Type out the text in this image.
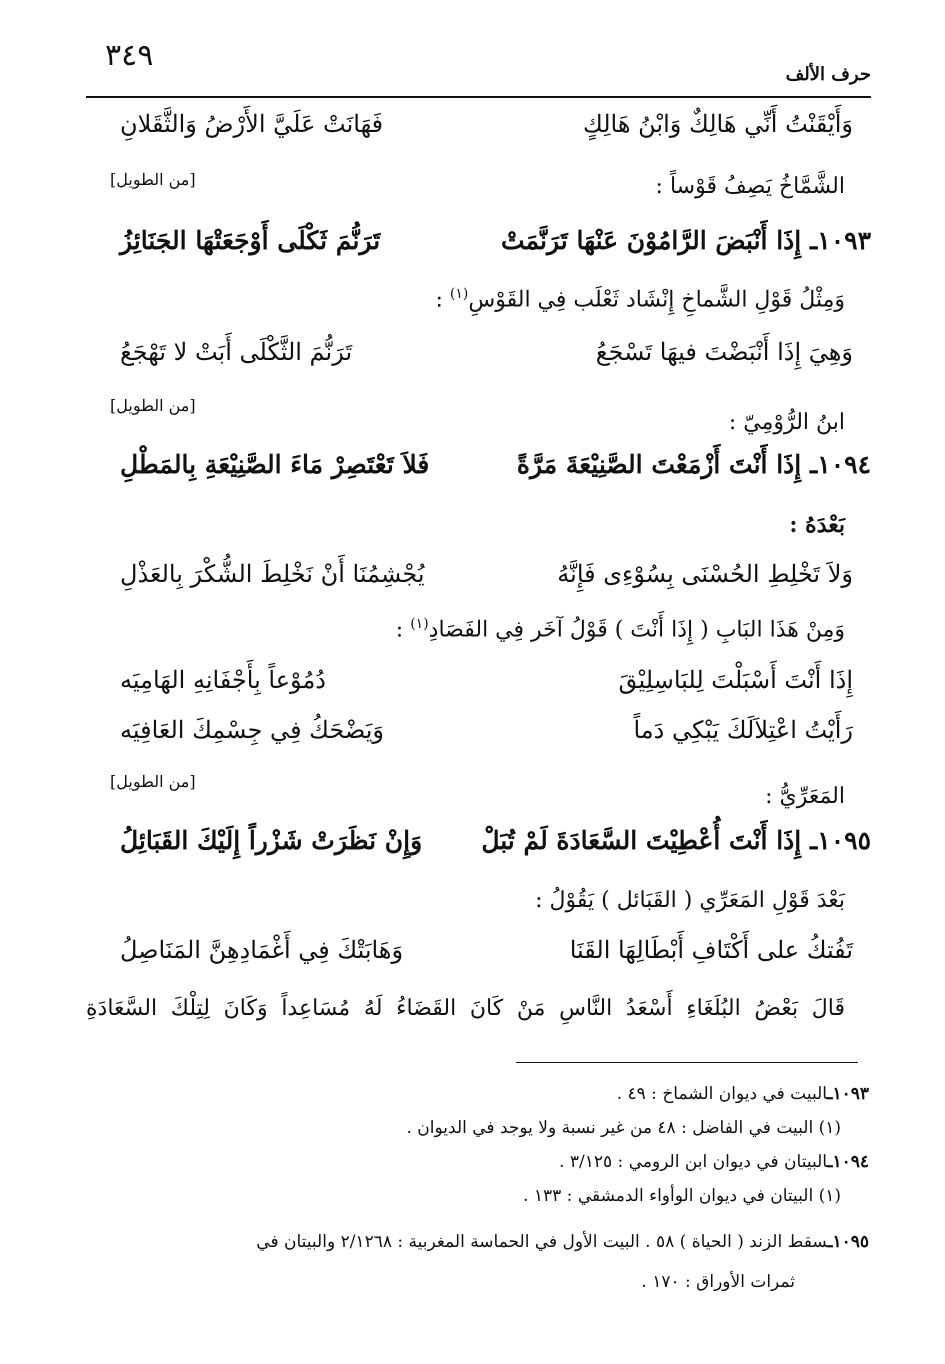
٣٤٩
حرف الألف
وَأَيْقَنْتُ أَنِّي هَالِكٌ وَابْنُ هَالِكٍ
فَهَانَتْ عَلَيَّ الأَرْضُ وَالثَّقَلانِ
الشَّمَّاخُ يَصِفُ قَوْساً :
[من الطويل]
١٠٩٣ـ إِذَا أَنْبَضَ الرَّامُوْنَ عَنْهَا تَرَنَّمَتْ
تَرَنُّمَ ثَكْلَى أَوْجَعَتْهَا الجَنَائِزُ
وَمِثْلُ قَوْلِ الشَّماخِ إِنْشَاد ثَعْلَب فِي القَوْسِ$^{(١)}$ :
وَهِيَ إِذَا أَنْبَضْتَ فيهَا تَسْجَعُ
تَرَنُّمَ الثَّكْلَى أَبَتْ لا تَهْجَعُ
ابنُ الرُّوْمِيّ :
[من الطويل]
١٠٩٤ـ إِذَا أَنْتَ أَزْمَعْتَ الصَّنِيْعَةَ مَرَّةً
فَلاَ تَعْتَصِرْ مَاءَ الصَّنِيْعَةِ بِالمَطْلِ
بَعْدَهُ :
وَلاَ تَخْلِطِ الحُسْنَى بِسُوْءِى فَإِنَّهُ
يُجْشِمُنَا أَنْ نَخْلِطَ الشُّكْرَ بِالعَذْلِ
وَمِنْ هَذَا البَابِ ( إِذَا أَنْتَ ) قَوْلُ آخَر فِي الفَصَادِ$^{(١)}$ :
إِذَا أَنْتَ أَسْبَلْتَ لِلبَاسِلِيْقَ
دُمُوْعاً بِأَجْفَانِهِ الهَامِيَه
رَأَيْتُ اعْتِلاَلَكَ يَبْكِي دَماً
وَيَضْحَكُ فِي جِسْمِكَ العَافِيَه
المَعَرِّيُّ :
[من الطويل]
١٠٩٥ـ إِذَا أَنْتَ أُعْطِيْتَ السَّعَادَةَ لَمْ تُبَلْ
وَإِنْ نَظَرَتْ شَزْراً إِلَيْكَ القَبَائِلُ
بَعْدَ قَوْلِ المَعَرِّي ( القَبَائل ) يَقُوْلُ :
تَفُتكُ على أَكْتَافِ أَبْطَالِهَا القَنَا
وَهَابَتْكَ فِي أَغْمَادِهِنَّ المَنَاصِلُ
قَالَ بَعْضُ البُلَغَاءِ أَسْعَدُ النَّاسِ مَنْ كَانَ القَضَاءُ لَهُ مُسَاعِداً وَكَانَ لِتِلْكَ السَّعَادَةِ
١٠٩٣ـالبيت في ديوان الشماخ : ٤٩ .
(١) البيت في الفاضل : ٤٨ من غير نسبة ولا يوجد في الديوان .
١٠٩٤ـالبيتان في ديوان ابن الرومي : ٣/١٢٥ .
(١) البيتان في ديوان الوأواء الدمشقي : ١٣٣ .
١٠٩٥ـسقط الزند ( الحياة ) ٥٨ . البيت الأول في الحماسة المغربية : ٢/١٢٦٨ والبيتان في
ثمرات الأوراق : ١٧٠ .
